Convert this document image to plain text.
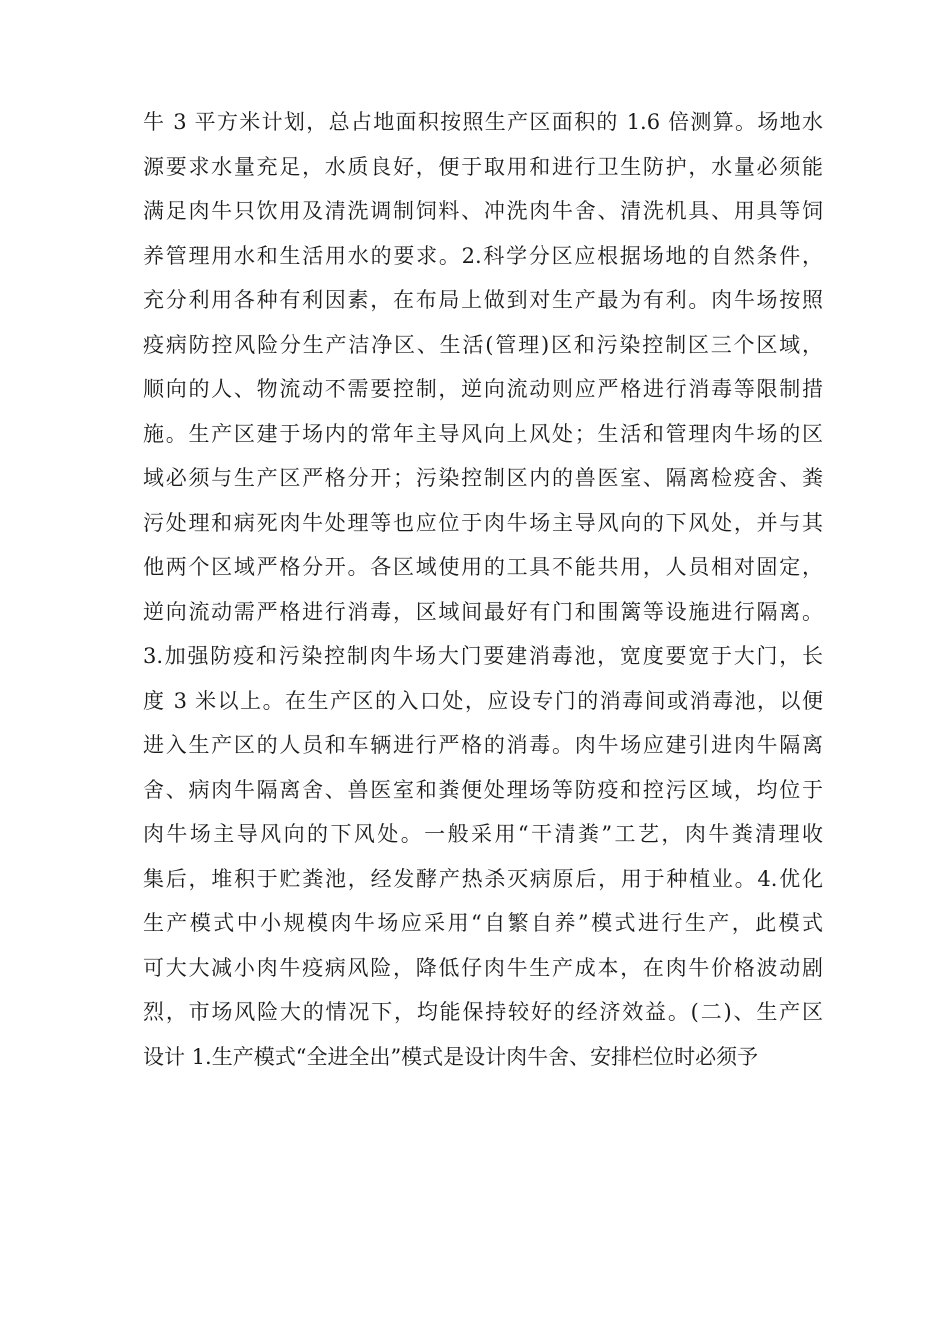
牛 3 平方米计划，总占地面积按照生产区面积的 1.6 倍测算。场地水
源要求水量充足，水质良好，便于取用和进行卫生防护，水量必须能
满足肉牛只饮用及清洗调制饲料、冲洗肉牛舍、清洗机具、用具等饲
养管理用水和生活用水的要求。2.科学分区应根据场地的自然条件，
充分利用各种有利因素，在布局上做到对生产最为有利。肉牛场按照
疫病防控风险分生产洁净区、生活(管理)区和污染控制区三个区域，
顺向的人、物流动不需要控制，逆向流动则应严格进行消毒等限制措
施。生产区建于场内的常年主导风向上风处；生活和管理肉牛场的区
域必须与生产区严格分开；污染控制区内的兽医室、隔离检疫舍、粪
污处理和病死肉牛处理等也应位于肉牛场主导风向的下风处，并与其
他两个区域严格分开。各区域使用的工具不能共用，人员相对固定，
逆向流动需严格进行消毒，区域间最好有门和围篱等设施进行隔离。
3.加强防疫和污染控制肉牛场大门要建消毒池，宽度要宽于大门，长
度 3 米以上。在生产区的入口处，应设专门的消毒间或消毒池，以便
进入生产区的人员和车辆进行严格的消毒。肉牛场应建引进肉牛隔离
舍、病肉牛隔离舍、兽医室和粪便处理场等防疫和控污区域，均位于
肉牛场主导风向的下风处。一般采用“干清粪”工艺，肉牛粪清理收
集后，堆积于贮粪池，经发酵产热杀灭病原后，用于种植业。4.优化
生产模式中小规模肉牛场应采用“自繁自养”模式进行生产，此模式
可大大减小肉牛疫病风险，降低仔肉牛生产成本，在肉牛价格波动剧
烈，市场风险大的情况下，均能保持较好的经济效益。(二)、生产区
设计 1.生产模式“全进全出”模式是设计肉牛舍、安排栏位时必须予
